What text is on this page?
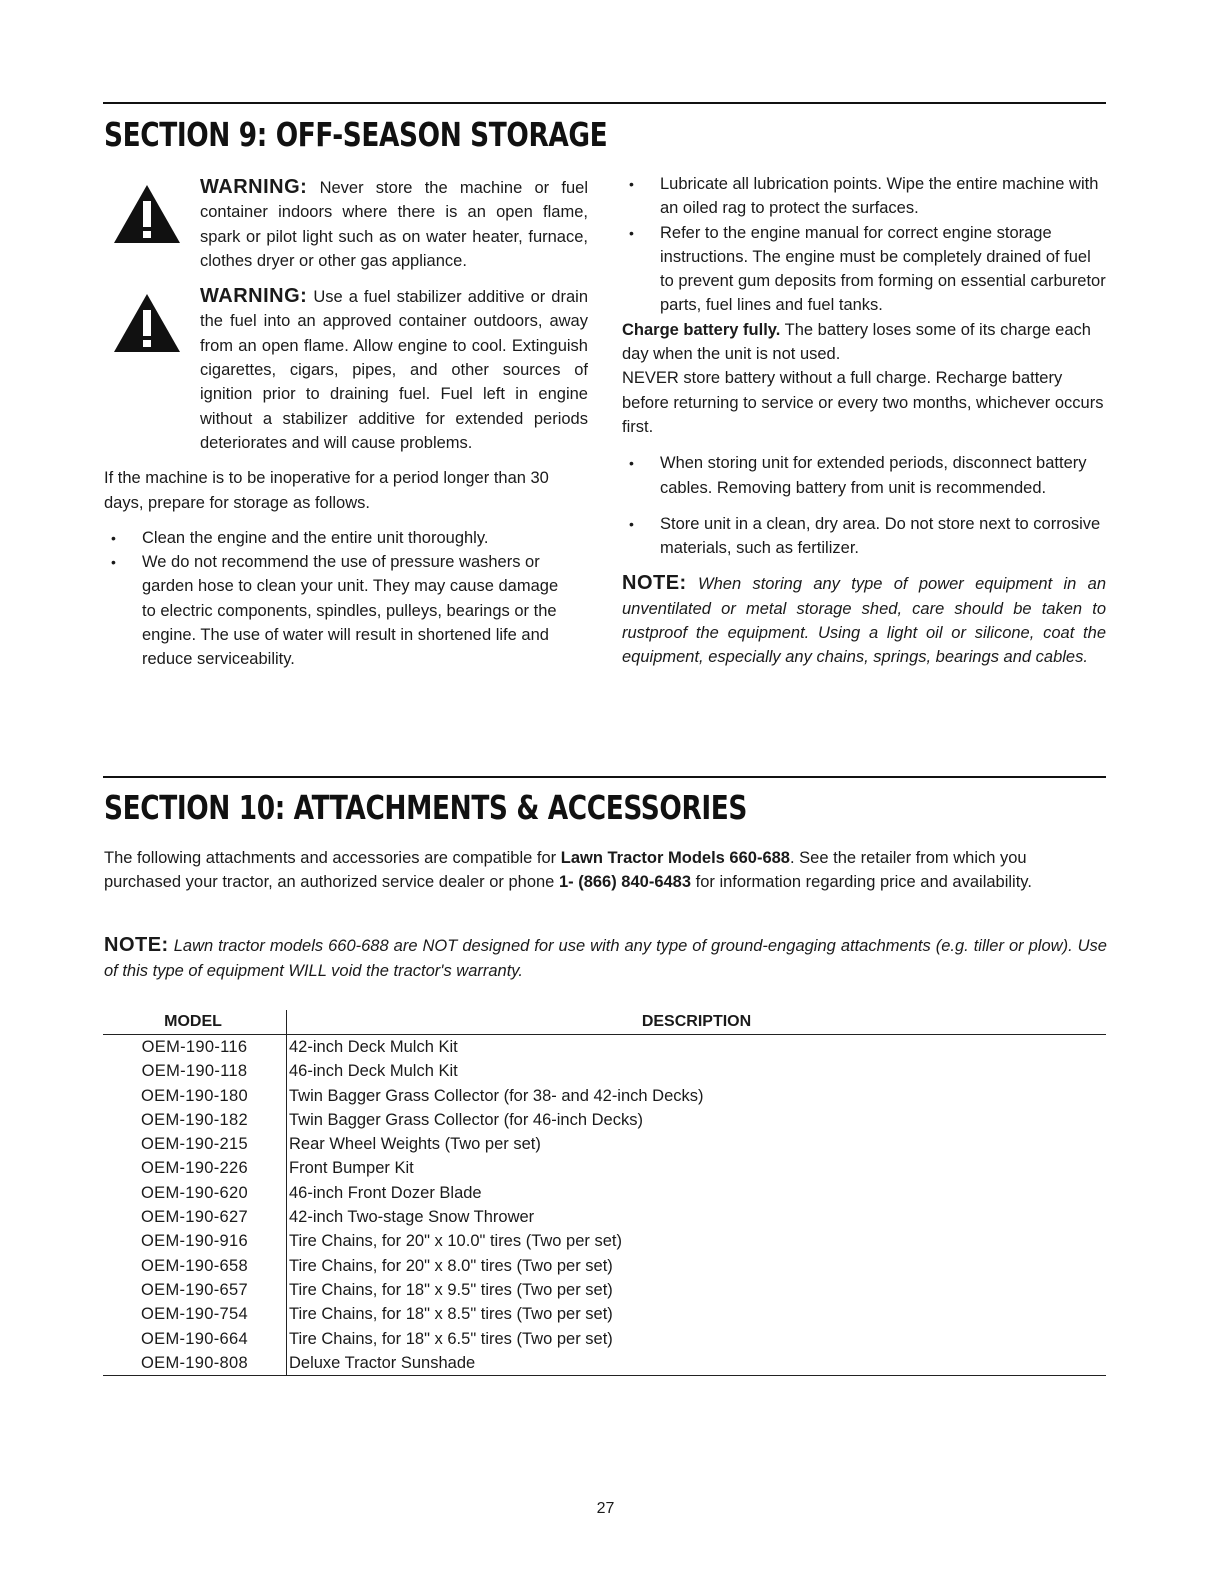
SECTION 9: OFF-SEASON STORAGE

WARNING: Never store the machine or fuel container indoors where there is an open flame, spark or pilot light such as on water heater, furnace, clothes dryer or other gas appliance.

WARNING: Use a fuel stabilizer additive or drain the fuel into an approved container outdoors, away from an open flame. Allow engine to cool. Extinguish cigarettes, cigars, pipes, and other sources of ignition prior to draining fuel. Fuel left in engine without a stabilizer additive for extended periods deteriorates and will cause problems.

If the machine is to be inoperative for a period longer than 30 days, prepare for storage as follows.

• Clean the engine and the entire unit thoroughly.
• We do not recommend the use of pressure washers or garden hose to clean your unit. They may cause damage to electric components, spindles, pulleys, bearings or the engine. The use of water will result in shortened life and reduce serviceability.
• Lubricate all lubrication points. Wipe the entire machine with an oiled rag to protect the surfaces.
• Refer to the engine manual for correct engine storage instructions. The engine must be completely drained of fuel to prevent gum deposits from forming on essential carburetor parts, fuel lines and fuel tanks.

Charge battery fully. The battery loses some of its charge each day when the unit is not used.

NEVER store battery without a full charge. Recharge battery before returning to service or every two months, whichever occurs first.

• When storing unit for extended periods, disconnect battery cables. Removing battery from unit is recommended.
• Store unit in a clean, dry area. Do not store next to corrosive materials, such as fertilizer.

NOTE: When storing any type of power equipment in an unventilated or metal storage shed, care should be taken to rustproof the equipment. Using a light oil or silicone, coat the equipment, especially any chains, springs, bearings and cables.

SECTION 10: ATTACHMENTS & ACCESSORIES

The following attachments and accessories are compatible for Lawn Tractor Models 660-688. See the retailer from which you purchased your tractor, an authorized service dealer or phone 1- (866) 840-6483 for information regarding price and availability.

NOTE: Lawn tractor models 660-688 are NOT designed for use with any type of ground-engaging attachments (e.g. tiller or plow). Use of this type of equipment WILL void the tractor's warranty.

MODEL	DESCRIPTION
OEM-190-116	42-inch Deck Mulch Kit
OEM-190-118	46-inch Deck Mulch Kit
OEM-190-180	Twin Bagger Grass Collector (for 38- and 42-inch Decks)
OEM-190-182	Twin Bagger Grass Collector (for 46-inch Decks)
OEM-190-215	Rear Wheel Weights (Two per set)
OEM-190-226	Front Bumper Kit
OEM-190-620	46-inch Front Dozer Blade
OEM-190-627	42-inch Two-stage Snow Thrower
OEM-190-916	Tire Chains, for 20" x 10.0" tires (Two per set)
OEM-190-658	Tire Chains, for 20" x 8.0" tires (Two per set)
OEM-190-657	Tire Chains, for 18" x 9.5" tires (Two per set)
OEM-190-754	Tire Chains, for 18" x 8.5" tires (Two per set)
OEM-190-664	Tire Chains, for 18" x 6.5" tires (Two per set)
OEM-190-808	Deluxe Tractor Sunshade
27
